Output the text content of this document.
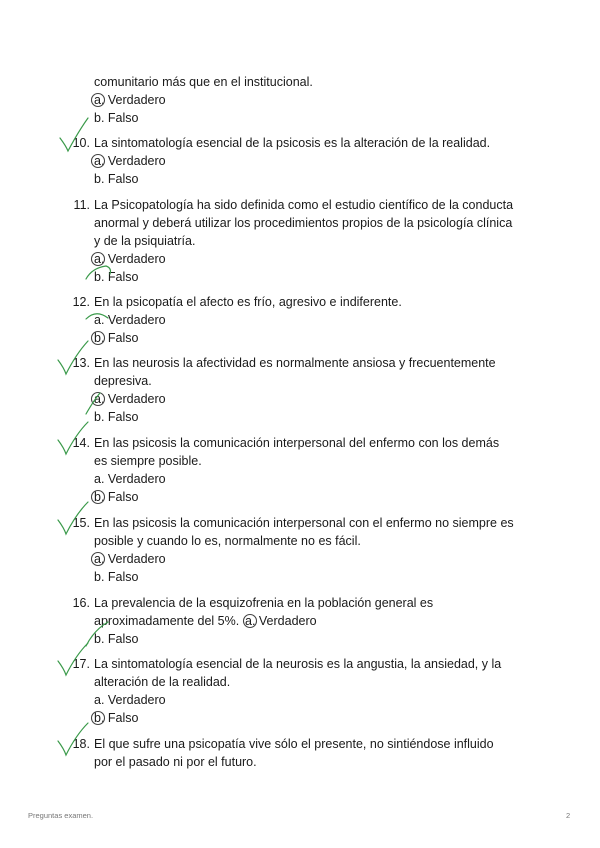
comunitario más que en el institucional.
a. Verdadero
b. Falso
10. La sintomatología esencial de la psicosis es la alteración de la realidad.
a. Verdadero
b. Falso
11. La Psicopatología ha sido definida como el estudio científico de la conducta
anormal y deberá utilizar los procedimientos propios de la psicología clínica
y de la psiquiatría.
a. Verdadero
b. Falso
12. En la psicopatía el afecto es frío, agresivo e indiferente.
a. Verdadero
b. Falso
13. En las neurosis la afectividad es normalmente ansiosa y frecuentemente
depresiva.
a. Verdadero
b. Falso
14. En las psicosis la comunicación interpersonal del enfermo con los demás
es siempre posible.
a. Verdadero
b. Falso
15. En las psicosis la comunicación interpersonal con el enfermo no siempre es
posible y cuando lo es, normalmente no es fácil.
a. Verdadero
b. Falso
16. La prevalencia de la esquizofrenia en la población general es
aproximadamente del 5%. a. Verdadero
b. Falso
17. La sintomatología esencial de la neurosis es la angustia, la ansiedad, y la
alteración de la realidad.
a. Verdadero
b. Falso
18. El que sufre una psicopatía vive sólo el presente, no sintiéndose influido
por el pasado ni por el futuro.
Preguntas examen.	2
